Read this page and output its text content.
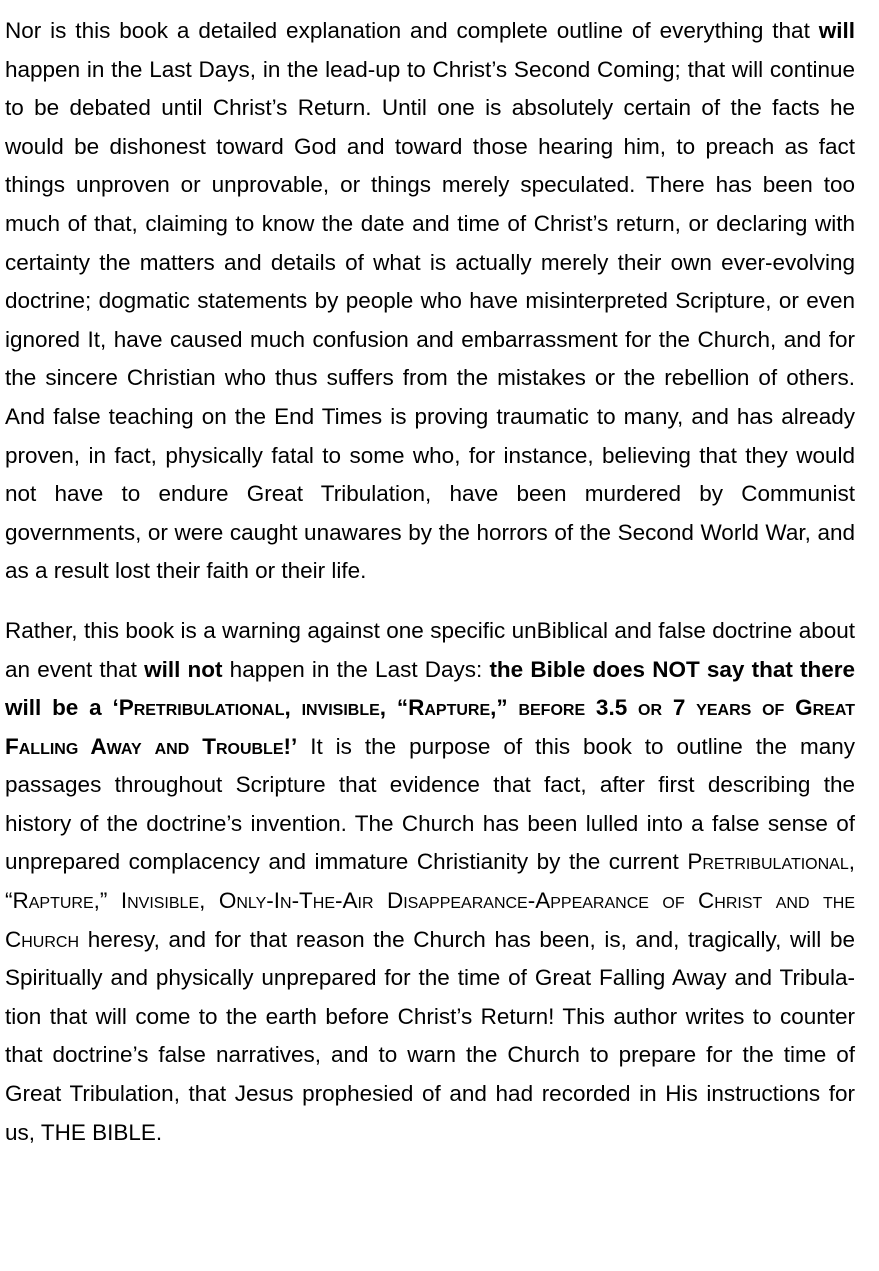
Nor is this book a detailed explanation and complete outline of everything that will happen in the Last Days, in the lead-up to Christ’s Second Coming; that will continue to be debated until Christ’s Return. Until one is absolutely certain of the facts he would be dishonest toward God and toward those hearing him, to preach as fact things unproven or unprovable, or things merely speculated. There has been too much of that, claiming to know the date and time of Christ’s return, or declaring with certainty the matters and details of what is actually merely their own ever-evolving doctrine; dogmatic statements by people who have misinterpreted Scripture, or even ignored It, have caused much confusion and embarrassment for the Church, and for the sincere Christian who thus suffers from the mistakes or the rebellion of others. And false teaching on the End Times is proving traumatic to many, and has already proven, in fact, physically fatal to some who, for instance, believing that they would not have to endure Great Tribulation, have been murdered by Communist governments, or were caught unawares by the horrors of the Second World War, and as a result lost their faith or their life.

Rather, this book is a warning against one specific unBiblical and false doctrine about an event that will not happen in the Last Days: the Bible does NOT say that there will be a ‘Pretribulational, invisible, “Rapture,” before 3.5 or 7 years of Great Falling Away and Trouble!’ It is the purpose of this book to outline the many passages throughout Scripture that evidence that fact, after first describing the history of the doctrine’s invention. The Church has been lulled into a false sense of unprepared complacency and immature Christianity by the current Pretribulational, “Rapture,” Invisible, Only-In-The-Air Disappearance-Appearance of Christ and the Church heresy, and for that reason the Church has been, is, and, tragically, will be Spiritually and physically unprepared for the time of Great Falling Away and Tribulation that will come to the earth before Christ’s Return! This author writes to counter that doctrine’s false narratives, and to warn the Church to prepare for the time of Great Tribulation, that Jesus prophesied of and had recorded in His instructions for us, THE BIBLE.
